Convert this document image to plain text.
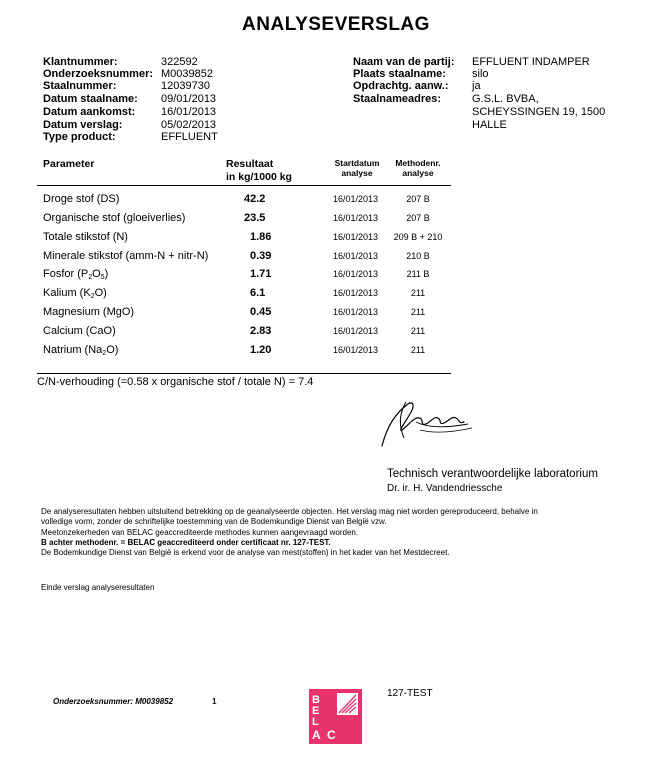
ANALYSEVERSLAG
Klantnummer:	322592
Onderzoeksnummer: M0039852
Staalnummer:	12039730
Datum staalname: 09/01/2013
Datum aankomst: 16/01/2013
Datum verslag:	05/02/2013
Type product:	EFFLUENT
Naam van de partij: EFFLUENT INDAMPER
Plaats staalname: silo
Opdrachtg. aanw.: ja
Staalnameadres:	G.S.L. BVBA,
SCHEYSSINGEN 19, 1500
HALLE
Parameter	Resultaat
in kg/1000 kg
Startdatum
analyse
Methodenr.
analyse
Droge stof (DS)	42.2	16/01/2013	207 B
Organische stof (gloeiverlies)	23.5	16/01/2013	207 B
Totale stikstof (N)	1.86	16/01/2013	209 B + 210
Minerale stikstof (amm-N + nitr-N)	0.39	16/01/2013	210 B
Fosfor $(P_2O_5)$	1.71	16/01/2013	211 B
Kalium $(K_2O)$	6.1	16/01/2013	211
Magnesium (MgO)	0.45	16/01/2013	211
Calcium (CaO)	2.83	16/01/2013	211
Natrium $(Na_2O)$	1.20	16/01/2013	211
C/N-verhouding (=0.58 x organische stof / totale N) = 7.4
Technisch verantwoordelijke laboratorium
Dr. ir. H. Vandendriessche
De analyseresultaten hebben uitsluitend betrekking op de geanalyseerde objecten. Het verslag mag niet worden gereproduceerd, behalve in
volledige vorm, zonder de schriftelijke toestemming van de Bodemkundige Dienst van België vzw.
Meetonzekerheden van BELAC geaccrediteerde methodes kunnen aangevraagd worden.
B achter methodenr. = BELAC geaccrediteerd onder certificaat nr. 127-TEST.
De Bodemkundige Dienst van België is erkend voor de analyse van mest(stoffen) in het kader van het Mestdecreet.
Einde verslag analyseresultaten
Onderzoeksnummer: M0039852	1	B
E
L
A C
127-TEST
